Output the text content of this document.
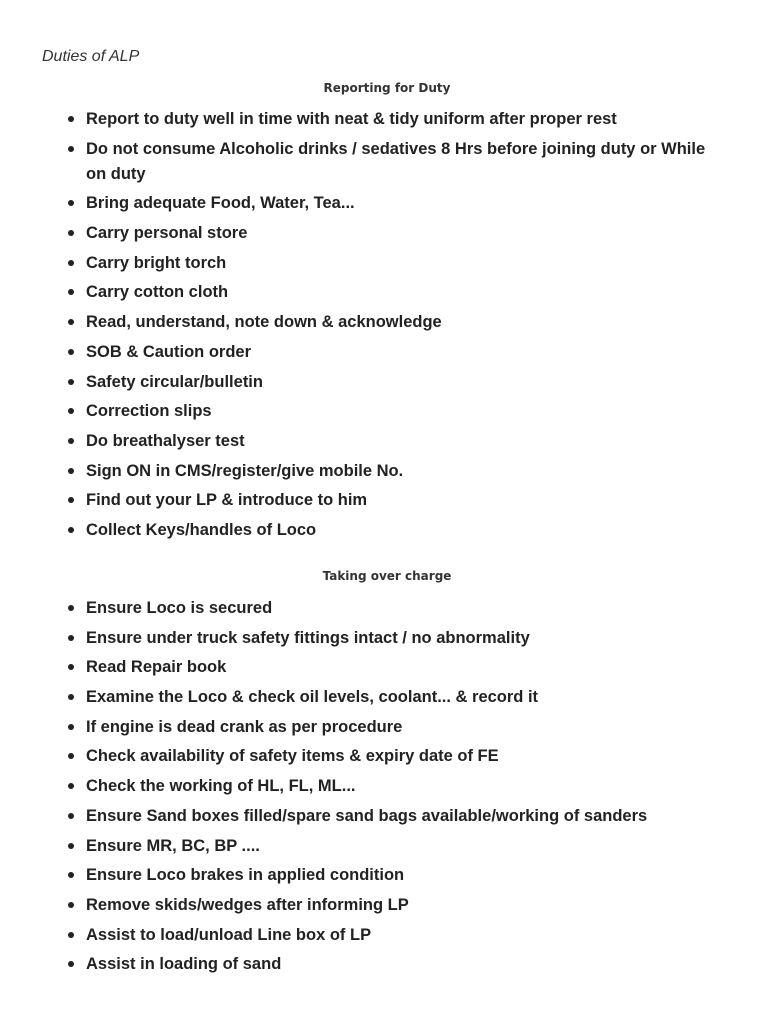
Duties of ALP
Reporting for Duty
Report to duty well in time with neat & tidy uniform after proper rest
Do not consume Alcoholic drinks / sedatives 8 Hrs before joining duty or While on duty
Bring adequate Food, Water, Tea...
Carry personal store
Carry bright torch
Carry cotton cloth
Read, understand, note down & acknowledge
SOB & Caution order
Safety circular/bulletin
Correction slips
Do breathalyser test
Sign ON in CMS/register/give mobile No.
Find out your LP & introduce to him
Collect Keys/handles of Loco
Taking over charge
Ensure Loco is secured
Ensure under truck safety fittings intact / no abnormality
Read Repair book
Examine the Loco & check oil levels, coolant... & record it
If engine is dead crank as per procedure
Check availability of safety items & expiry date of FE
Check the working of HL, FL, ML...
Ensure Sand boxes filled/spare sand bags available/working of sanders
Ensure MR, BC, BP ....
Ensure Loco brakes in applied condition
Remove skids/wedges after informing LP
Assist to load/unload Line box of LP
Assist in loading of sand
